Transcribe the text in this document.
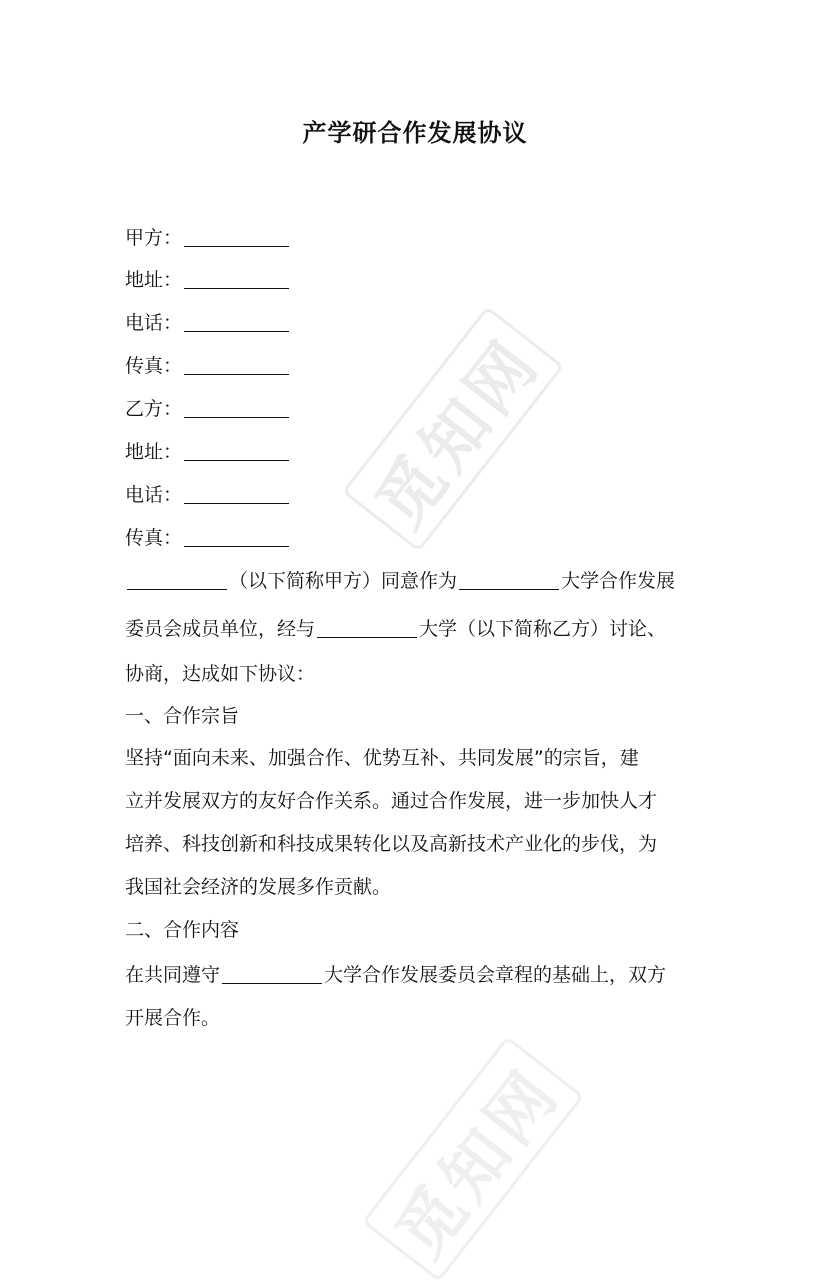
觅知网
觅知网
产学研合作发展协议
甲方：
地址：
电话：
传真：
乙方：
地址：
电话：
传真：
（以下简称甲方）同意作为	大学合作发展
委员会成员单位，经与	大学（以下简称乙方）讨论、
协商，达成如下协议：
一、合作宗旨
坚持“面向未来、加强合作、优势互补、共同发展”的宗旨，建
立并发展双方的友好合作关系。通过合作发展，进一步加快人才
培养、科技创新和科技成果转化以及高新技术产业化的步伐，为
我国社会经济的发展多作贡献。
二、合作内容
在共同遵守	大学合作发展委员会章程的基础上，双方
开展合作。
